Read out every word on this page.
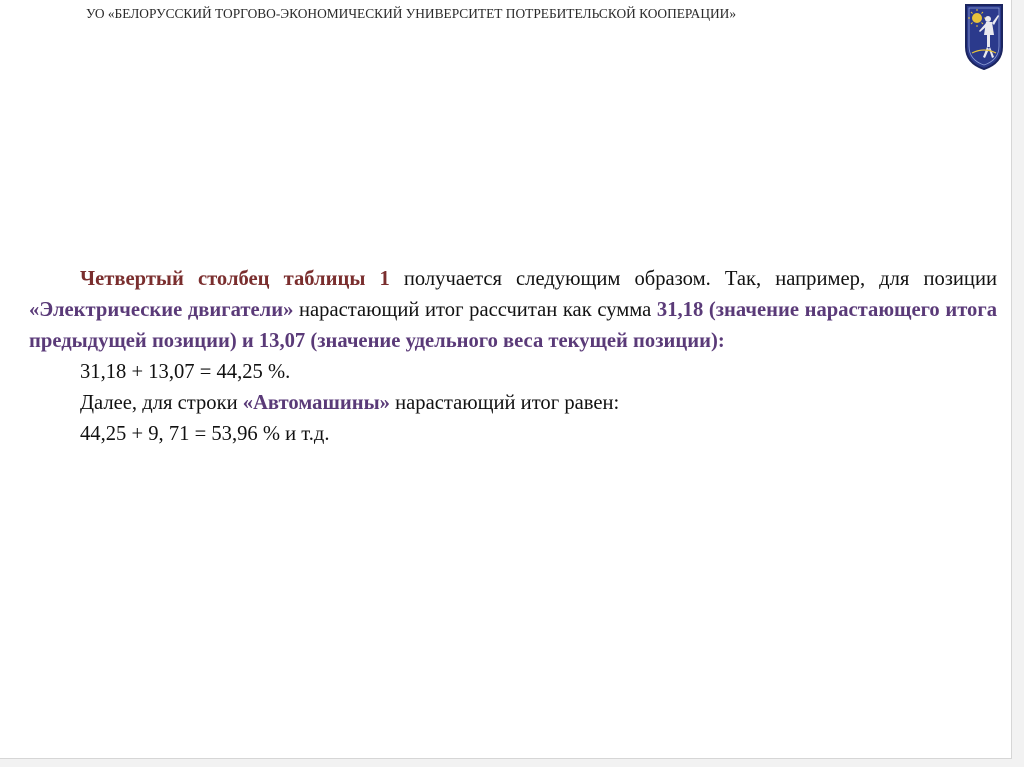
УО «БЕЛОРУССКИЙ ТОРГОВО-ЭКОНОМИЧЕСКИЙ УНИВЕРСИТЕТ ПОТРЕБИТЕЛЬСКОЙ КООПЕРАЦИИ»

Четвертый столбец таблицы 1 получается следующим образом. Так, например, для позиции «Электрические двигатели» нарастающий итог рассчитан как сумма 31,18 (значение нарастающего итога предыдущей позиции) и 13,07 (значение удельного веса текущей позиции):

31,18 + 13,07 = 44,25 %.

Далее, для строки «Автомашины» нарастающий итог равен:

44,25 + 9, 71 = 53,96 % и т.д.
